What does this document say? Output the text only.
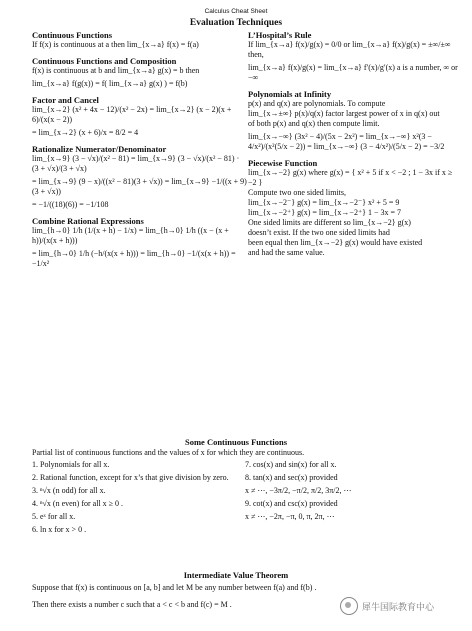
Calculus Cheat Sheet
Evaluation Techniques
Continuous Functions

If f(x) is continuous at a then lim_{x→a} f(x) = f(a)

Continuous Functions and Composition

f(x) is continuous at b and lim_{x→a} g(x) = b then

lim_{x→a} f(g(x)) = f( lim_{x→a} g(x) ) = f(b)

Factor and Cancel

lim_{x→2} (x² + 4x − 12)/(x² − 2x) = lim_{x→2} (x − 2)(x + 6)/(x(x − 2))

= lim_{x→2} (x + 6)/x = 8/2 = 4

Rationalize Numerator/Denominator

lim_{x→9} (3 − √x)/(x² − 81) = lim_{x→9} (3 − √x)/(x² − 81) · (3 + √x)/(3 + √x)

= lim_{x→9} (9 − x)/((x² − 81)(3 + √x)) = lim_{x→9} −1/((x + 9)(3 + √x))

= −1/((18)(6)) = −1/108

Combine Rational Expressions

lim_{h→0} 1/h (1/(x + h) − 1/x) = lim_{h→0} 1/h ((x − (x + h))/(x(x + h)))

= lim_{h→0} 1/h (−h/(x(x + h))) = lim_{h→0} −1/(x(x + h)) = −1/x²

L’Hospital’s Rule

If lim_{x→a} f(x)/g(x) = 0/0 or lim_{x→a} f(x)/g(x) = ±∞/±∞ then,

lim_{x→a} f(x)/g(x) = lim_{x→a} f′(x)/g′(x) a is a number, ∞ or −∞

Polynomials at Infinity

p(x) and q(x) are polynomials. To compute

lim_{x→±∞} p(x)/q(x) factor largest power of x in q(x) out

of both p(x) and q(x) then compute limit.

lim_{x→−∞} (3x² − 4)/(5x − 2x²) = lim_{x→−∞} x²(3 − 4/x²)/(x²(5/x − 2)) = lim_{x→−∞} (3 − 4/x²)/(5/x − 2) = −3/2

Piecewise Function

lim_{x→−2} g(x) where g(x) = { x² + 5 if x < −2 ; 1 − 3x if x ≥ −2 }

Compute two one sided limits,

lim_{x→−2⁻} g(x) = lim_{x→−2⁻} x² + 5 = 9

lim_{x→−2⁺} g(x) = lim_{x→−2⁺} 1 − 3x = 7

One sided limits are different so lim_{x→−2} g(x)

doesn’t exist. If the two one sided limits had

been equal then lim_{x→−2} g(x) would have existed

and had the same value.

Some Continuous Functions
Partial list of continuous functions and the values of x for which they are continuous.
1. Polynomials for all x.
2. Rational function, except for x’s that give division by zero.
3. ⁿ√x (n odd) for all x.
4. ⁿ√x (n even) for all x ≥ 0 .
5. eˣ for all x.
6. ln x for x > 0 .
7. cos(x) and sin(x) for all x.
8. tan(x) and sec(x) provided
x ≠ ⋯, −3π/2, −π/2, π/2, 3π/2, ⋯
9. cot(x) and csc(x) provided
x ≠ ⋯, −2π, −π, 0, π, 2π, ⋯
Intermediate Value Theorem
Suppose that f(x) is continuous on [a, b] and let M be any number between f(a) and f(b) .
Then there exists a number c such that a < c < b and f(c) = M .	犀牛国际教育中心
